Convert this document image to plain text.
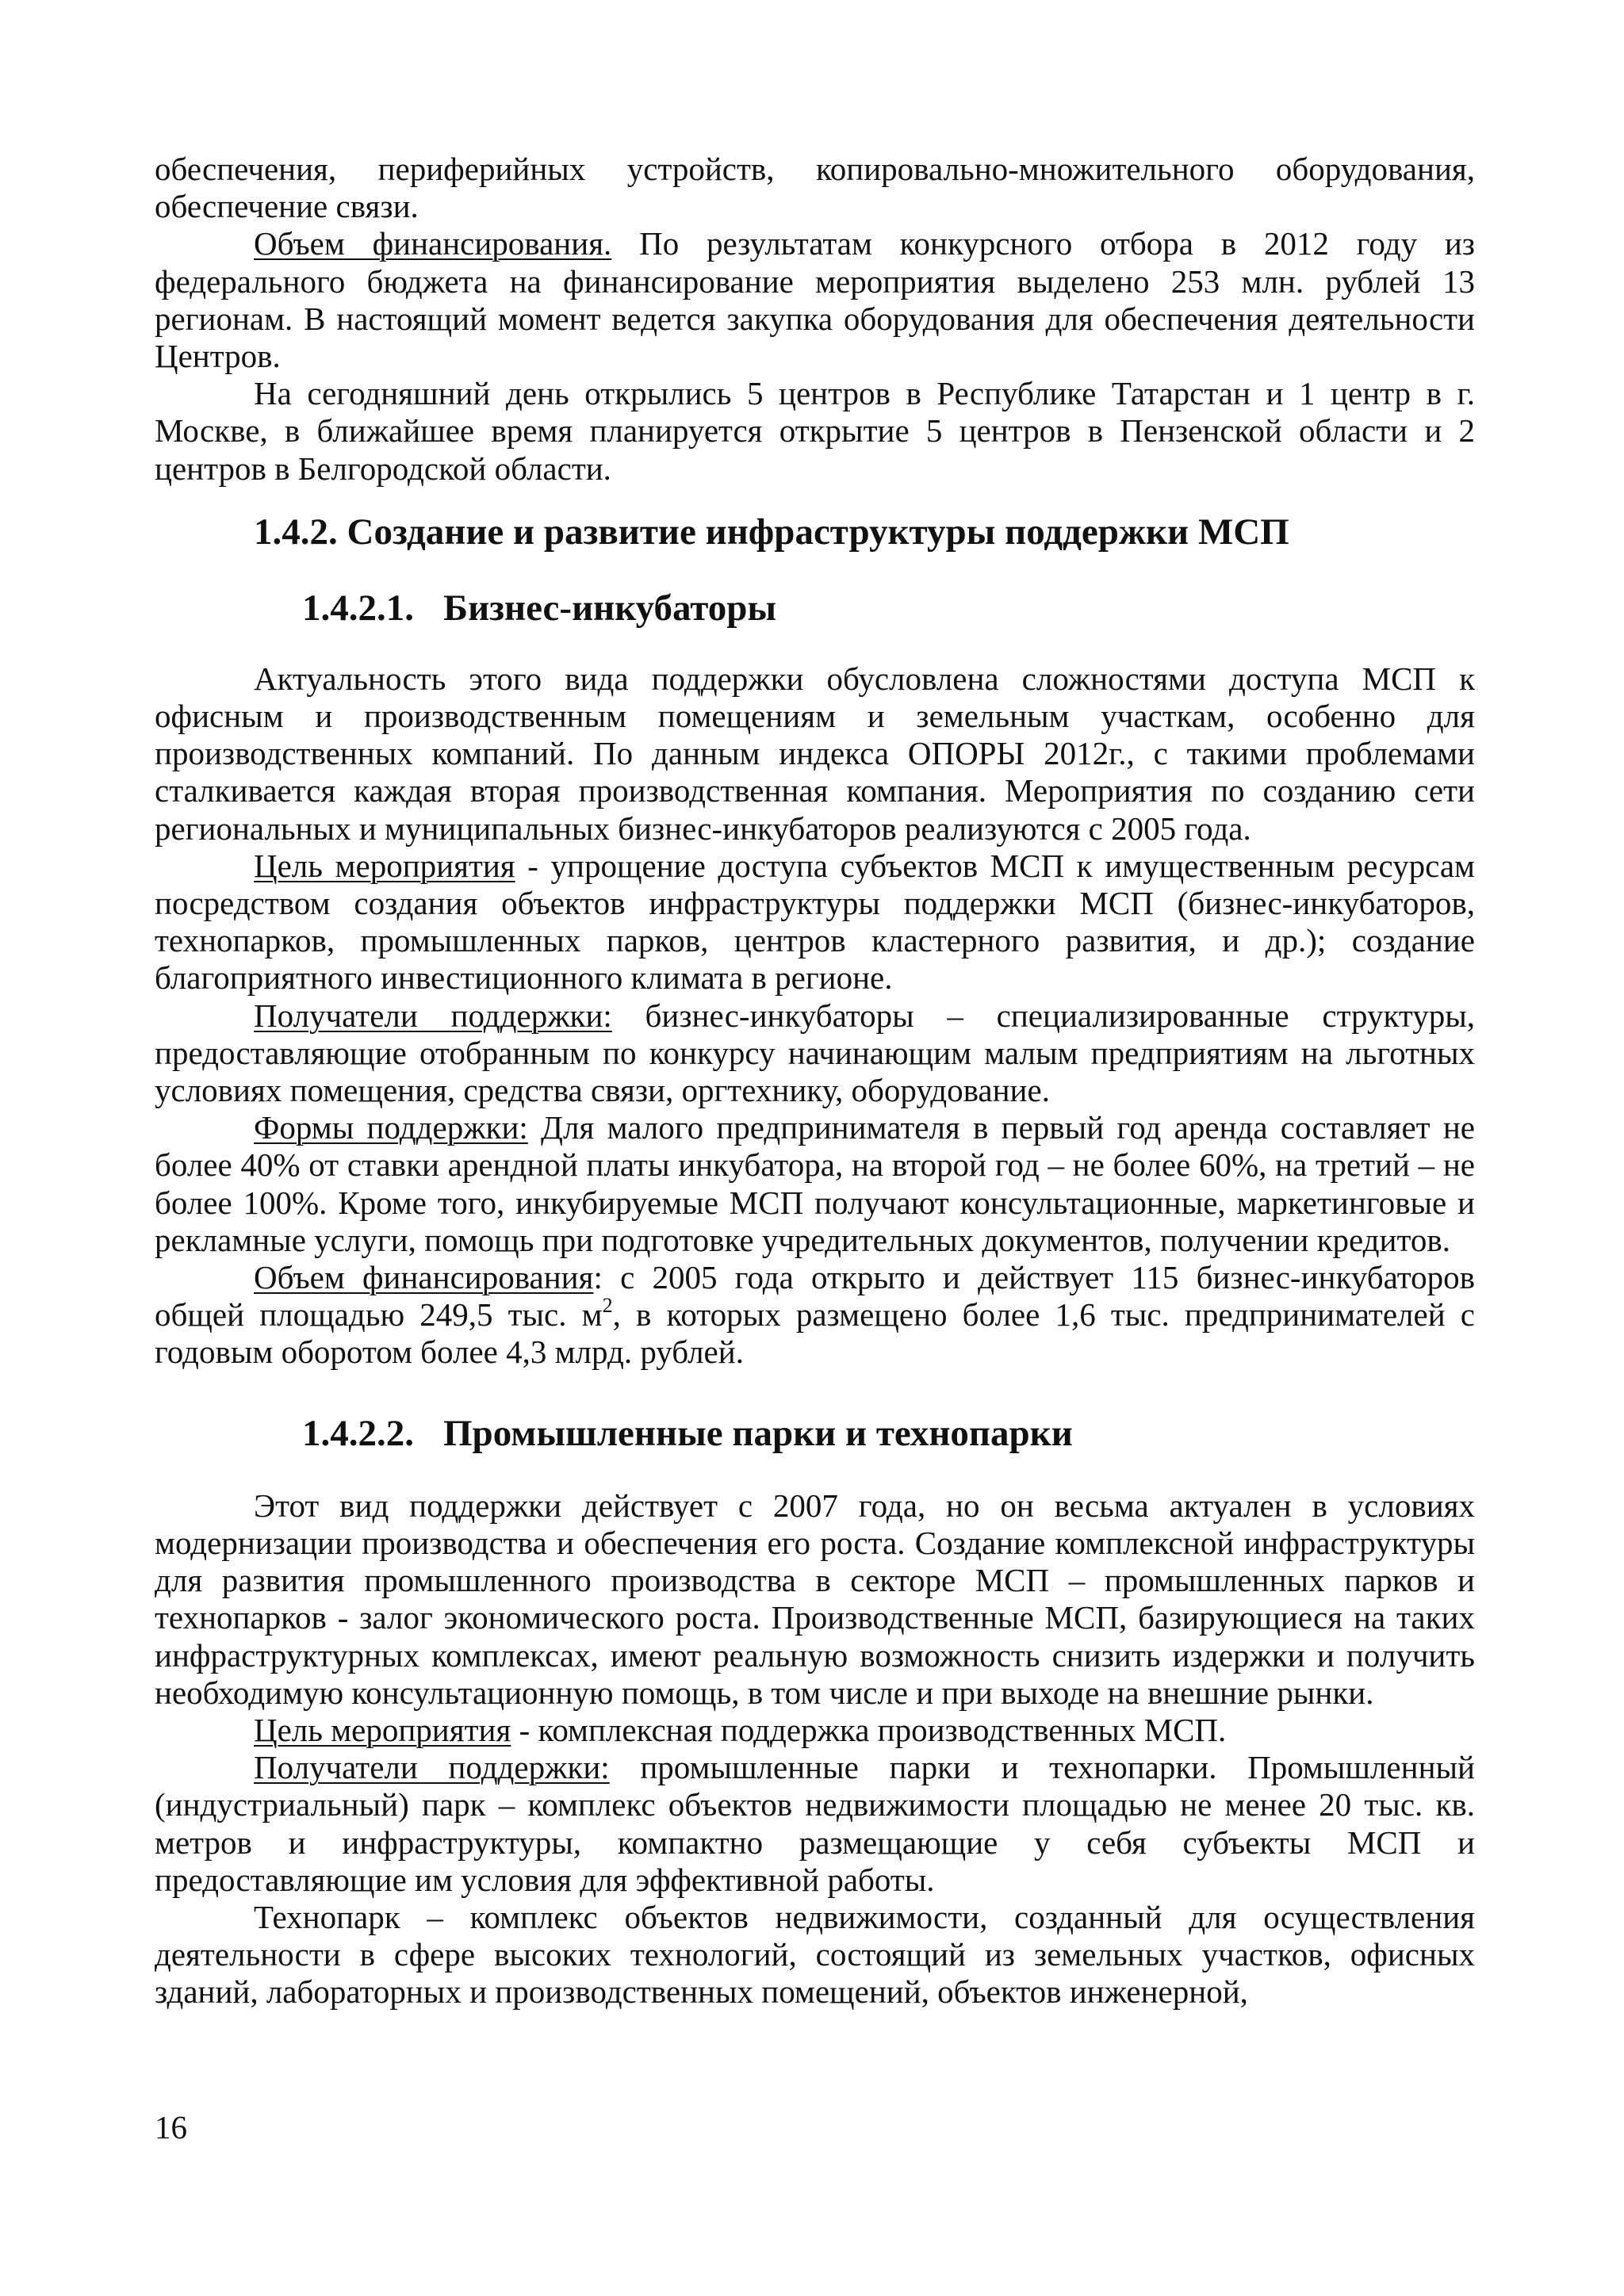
обеспечения, периферийных устройств, копировально-множительного оборудования, обеспечение связи.

Объем финансирования. По результатам конкурсного отбора в 2012 году из федерального бюджета на финансирование мероприятия выделено 253 млн. рублей 13 регионам. В настоящий момент ведется закупка оборудования для обеспечения деятельности Центров.

На сегодняшний день открылись 5 центров в Республике Татарстан и 1 центр в г. Москве, в ближайшее время планируется открытие 5 центров в Пензенской области и 2 центров в Белгородской области.

1.4.2. Создание и развитие инфраструктуры поддержки МСП
1.4.2.1. Бизнес-инкубаторы

Актуальность этого вида поддержки обусловлена сложностями доступа МСП к офисным и производственным помещениям и земельным участкам, особенно для производственных компаний. По данным индекса ОПОРЫ 2012г., с такими проблемами сталкивается каждая вторая производственная компания. Мероприятия по созданию сети региональных и муниципальных бизнес-инкубаторов реализуются с 2005 года.

Цель мероприятия - упрощение доступа субъектов МСП к имущественным ресурсам посредством создания объектов инфраструктуры поддержки МСП (бизнес-инкубаторов, технопарков, промышленных парков, центров кластерного развития, и др.); создание благоприятного инвестиционного климата в регионе.

Получатели поддержки: бизнес-инкубаторы – специализированные структуры, предоставляющие отобранным по конкурсу начинающим малым предприятиям на льготных условиях помещения, средства связи, оргтехнику, оборудование.

Формы поддержки: Для малого предпринимателя в первый год аренда составляет не более 40% от ставки арендной платы инкубатора, на второй год – не более 60%, на третий – не более 100%. Кроме того, инкубируемые МСП получают консультационные, маркетинговые и рекламные услуги, помощь при подготовке учредительных документов, получении кредитов.

Объем финансирования: с 2005 года открыто и действует 115 бизнес-инкубаторов общей площадью 249,5 тыс. $м^2$, в которых размещено более 1,6 тыс. предпринимателей с годовым оборотом более 4,3 млрд. рублей.

1.4.2.2. Промышленные парки и технопарки

Этот вид поддержки действует с 2007 года, но он весьма актуален в условиях модернизации производства и обеспечения его роста. Создание комплексной инфраструктуры для развития промышленного производства в секторе МСП – промышленных парков и технопарков - залог экономического роста. Производственные МСП, базирующиеся на таких инфраструктурных комплексах, имеют реальную возможность снизить издержки и получить необходимую консультационную помощь, в том числе и при выходе на внешние рынки.

Цель мероприятия - комплексная поддержка производственных МСП.

Получатели поддержки: промышленные парки и технопарки. Промышленный (индустриальный) парк – комплекс объектов недвижимости площадью не менее 20 тыс. кв. метров и инфраструктуры, компактно размещающие у себя субъекты МСП и предоставляющие им условия для эффективной работы.

Технопарк – комплекс объектов недвижимости, созданный для осуществления деятельности в сфере высоких технологий, состоящий из земельных участков, офисных зданий, лабораторных и производственных помещений, объектов инженерной,

16
